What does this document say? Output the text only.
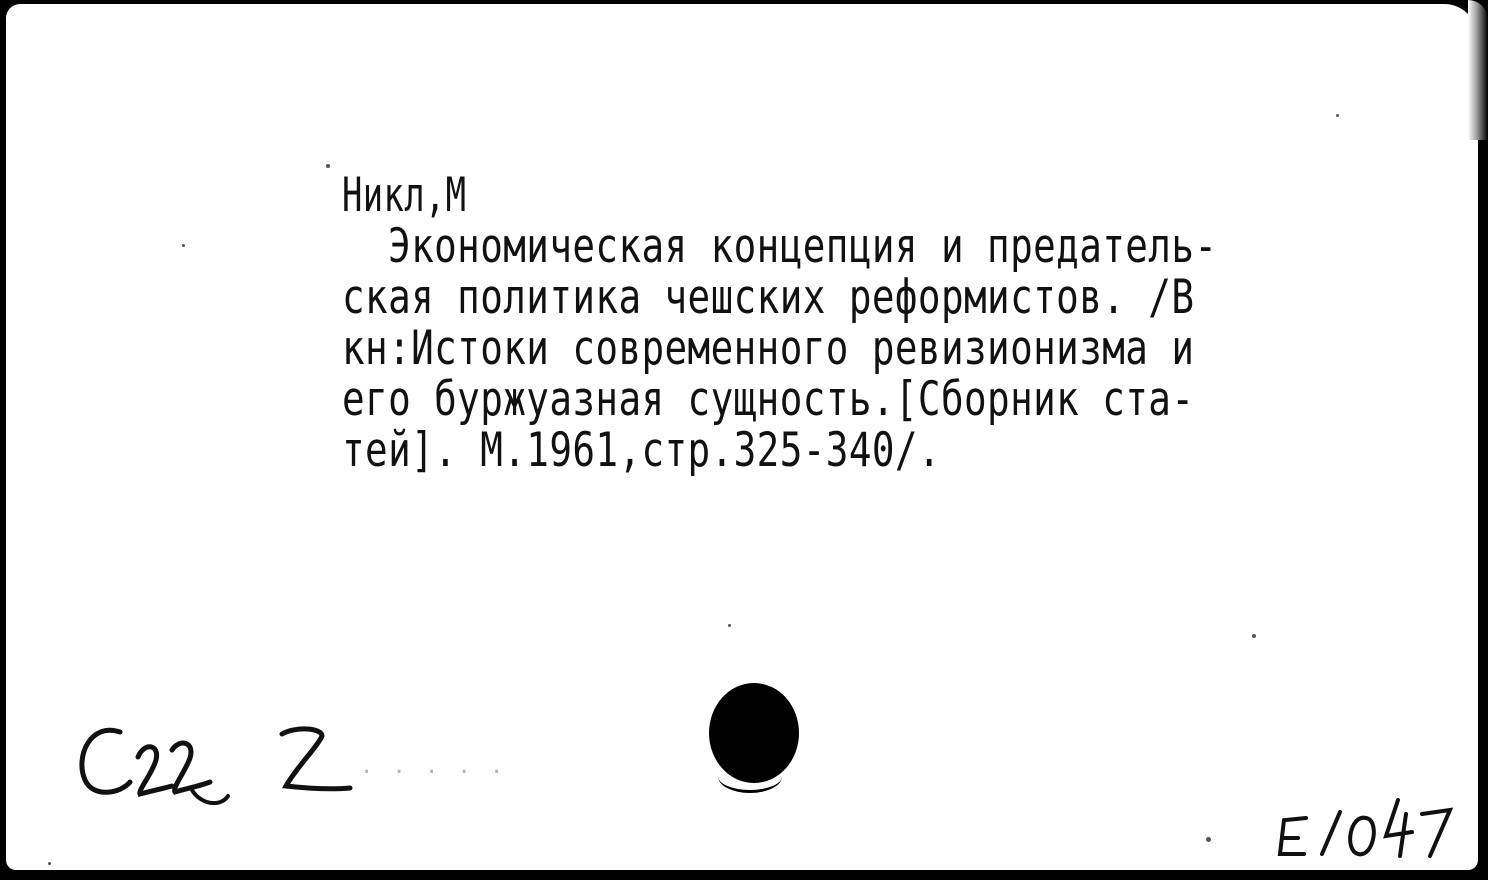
Никл,М
Экономическая концепция и предатель-
ская политика чешских реформистов. /В
кн:Истоки современного ревизионизма и
его буржуазная сущность.[Сборник ста-
тей]. М.1961,стр.325-340/.
· · · · ·
